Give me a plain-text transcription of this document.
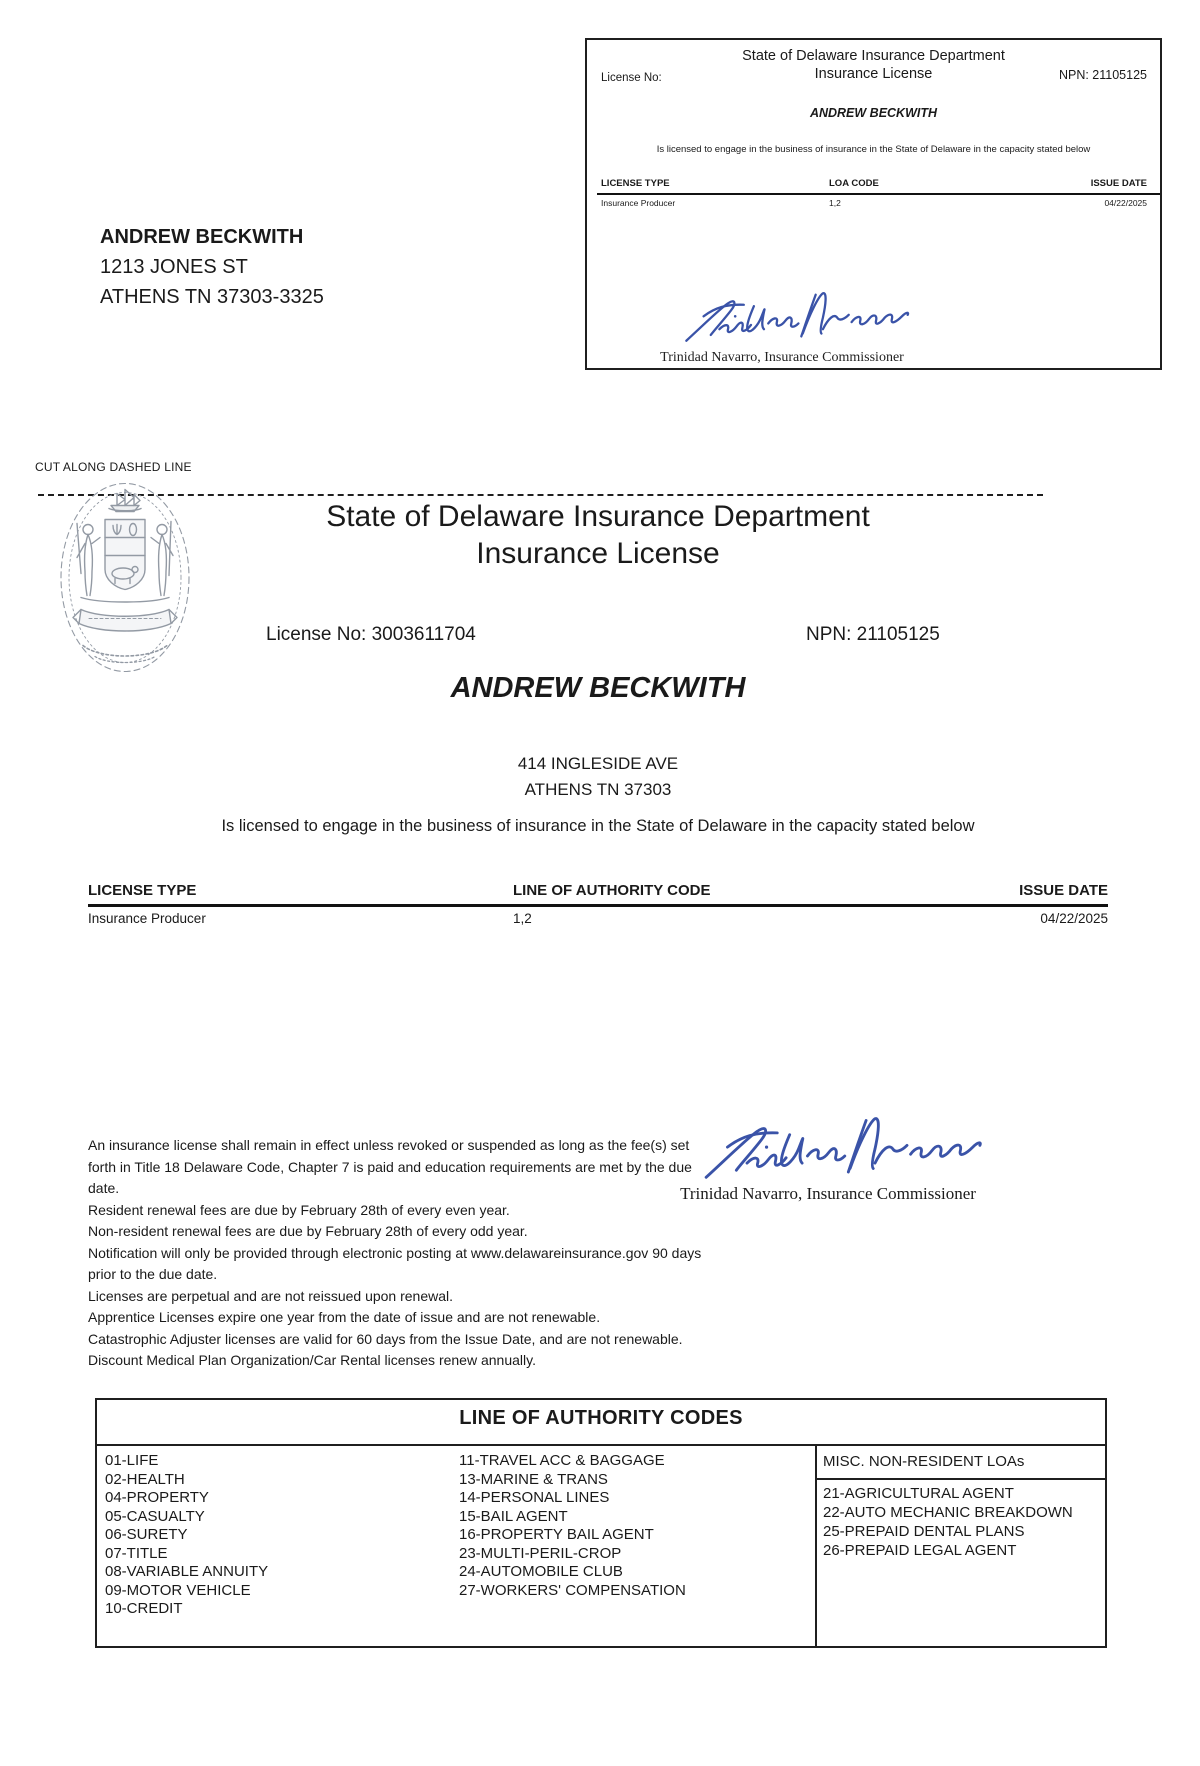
State of Delaware Insurance Department
Insurance License
License No:	NPN: 21105125
ANDREW BECKWITH
Is licensed to engage in the business of insurance in the State of Delaware in the capacity stated below
LICENSE TYPE	LOA CODE	ISSUE DATE
Insurance Producer	1,2	04/22/2025
Trinidad Navarro, Insurance Commissioner
ANDREW BECKWITH
1213 JONES ST
ATHENS TN 37303-3325
CUT ALONG DASHED LINE
State of Delaware Insurance Department
Insurance License
License No: 3003611704	NPN: 21105125
ANDREW BECKWITH
414 INGLESIDE AVE
ATHENS TN 37303
Is licensed to engage in the business of insurance in the State of Delaware in the capacity stated below
LICENSE TYPE	LINE OF AUTHORITY CODE	ISSUE DATE
Insurance Producer	1,2	04/22/2025
An insurance license shall remain in effect unless revoked or suspended as long as the fee(s) set forth in Title 18 Delaware Code, Chapter 7 is paid and education requirements are met by the due date.
Resident renewal fees are due by February 28th of every even year.
Non-resident renewal fees are due by February 28th of every odd year.
Notification will only be provided through electronic posting at www.delawareinsurance.gov 90 days prior to the due date.
Licenses are perpetual and are not reissued upon renewal.
Apprentice Licenses expire one year from the date of issue and are not renewable.
Catastrophic Adjuster licenses are valid for 60 days from the Issue Date, and are not renewable.
Discount Medical Plan Organization/Car Rental licenses renew annually.
Trinidad Navarro, Insurance Commissioner
LINE OF AUTHORITY CODES
01-LIFE
02-HEALTH
04-PROPERTY
05-CASUALTY
06-SURETY
07-TITLE
08-VARIABLE ANNUITY
09-MOTOR VEHICLE
10-CREDIT
11-TRAVEL ACC & BAGGAGE
13-MARINE & TRANS
14-PERSONAL LINES
15-BAIL AGENT
16-PROPERTY BAIL AGENT
23-MULTI-PERIL-CROP
24-AUTOMOBILE CLUB
27-WORKERS' COMPENSATION
MISC. NON-RESIDENT LOAs
21-AGRICULTURAL AGENT
22-AUTO MECHANIC BREAKDOWN
25-PREPAID DENTAL PLANS
26-PREPAID LEGAL AGENT
